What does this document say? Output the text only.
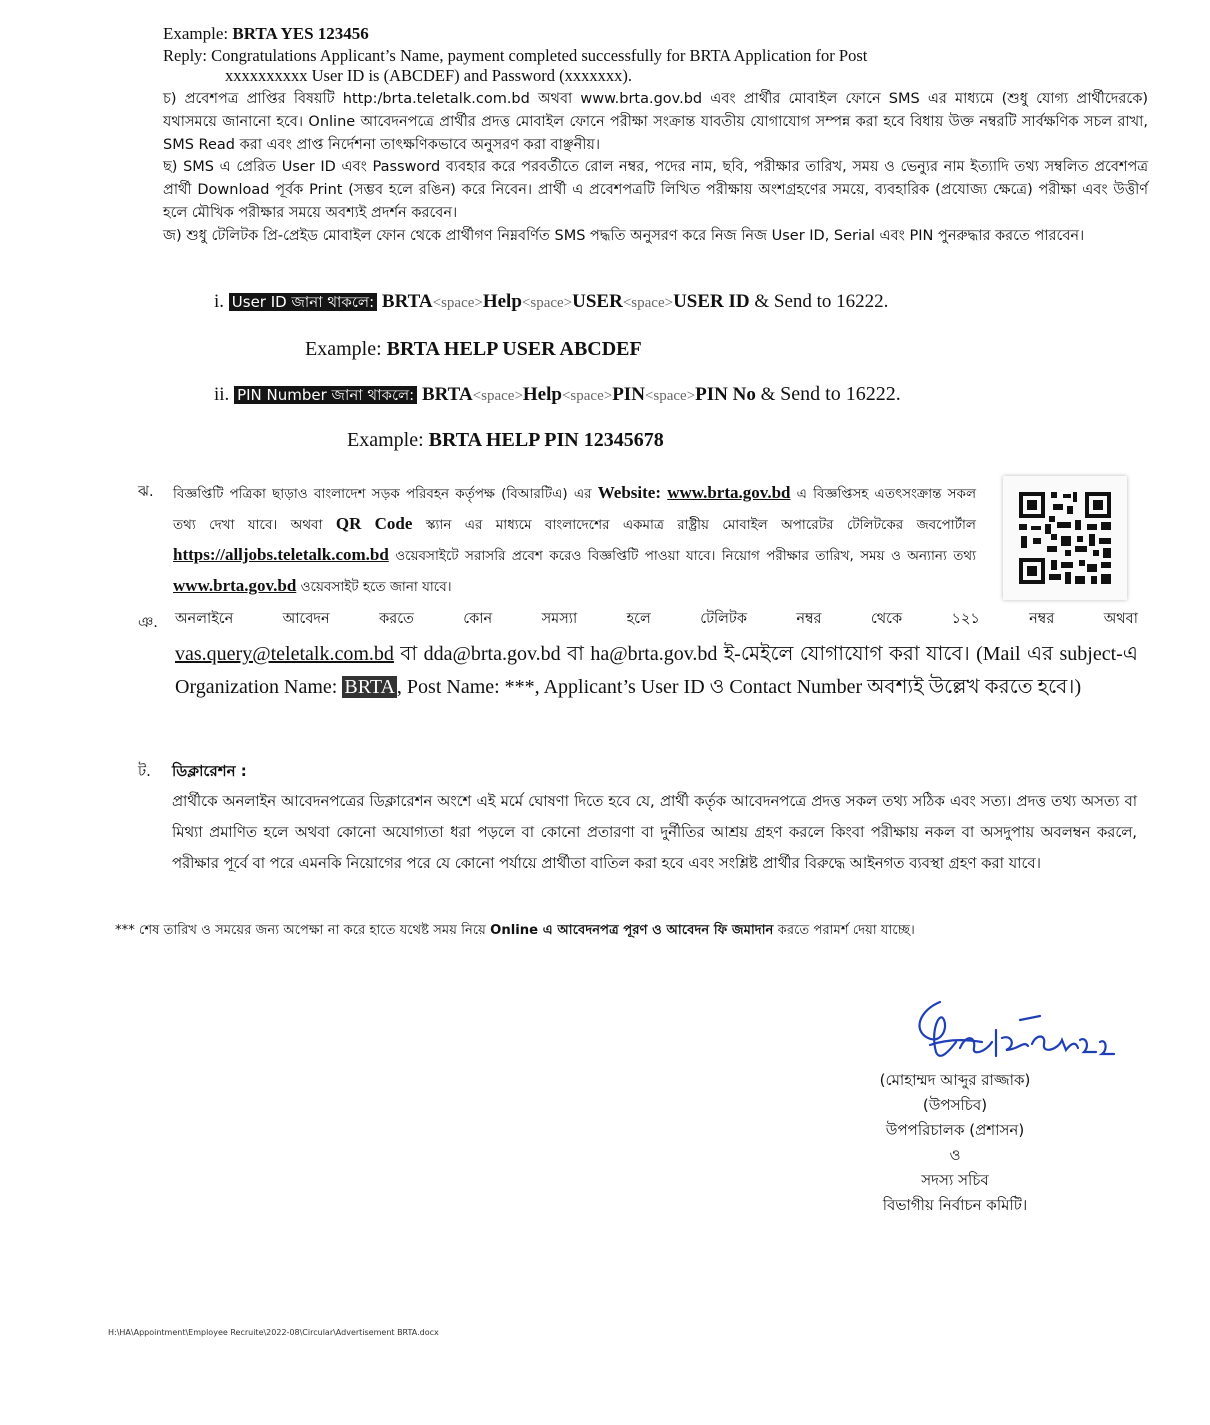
Example: BRTA YES 123456
Reply: Congratulations Applicant’s Name, payment completed successfully for BRTA Application for Post
xxxxxxxxxx User ID is (ABCDEF) and Password (xxxxxxx).
চ) প্রবেশপত্র প্রাপ্তির বিষয়টি http:/brta.teletalk.com.bd অথবা www.brta.gov.bd এবং প্রার্থীর মোবাইল ফোনে SMS এর মাধ্যমে (শুধু যোগ্য প্রার্থীদেরকে) যথাসময়ে জানানো হবে। Online আবেদনপত্রে প্রার্থীর প্রদত্ত মোবাইল ফোনে পরীক্ষা সংক্রান্ত যাবতীয় যোগাযোগ সম্পন্ন করা হবে বিধায় উক্ত নম্বরটি সার্বক্ষণিক সচল রাখা, SMS Read করা এবং প্রাপ্ত নির্দেশনা তাৎক্ষণিকভাবে অনুসরণ করা বাঞ্ছনীয়।
ছ) SMS এ প্রেরিত User ID এবং Password ব্যবহার করে পরবর্তীতে রোল নম্বর, পদের নাম, ছবি, পরীক্ষার তারিখ, সময় ও ভেন্যুর নাম ইত্যাদি তথ্য সম্বলিত প্রবেশপত্র প্রার্থী Download পূর্বক Print (সম্ভব হলে রঙিন) করে নিবেন। প্রার্থী এ প্রবেশপত্রটি লিখিত পরীক্ষায় অংশগ্রহণের সময়ে, ব্যবহারিক (প্রযোজ্য ক্ষেত্রে) পরীক্ষা এবং উত্তীর্ণ হলে মৌখিক পরীক্ষার সময়ে অবশ্যই প্রদর্শন করবেন।
জ) শুধু টেলিটক প্রি-প্রেইড মোবাইল ফোন থেকে প্রার্থীগণ নিম্নবর্ণিত SMS পদ্ধতি অনুসরণ করে নিজ নিজ User ID, Serial এবং PIN পুনরুদ্ধার করতে পারবেন।
i. User ID জানা থাকলে: BRTA<space>Help<space>USER<space>USER ID & Send to 16222.
Example: BRTA HELP USER ABCDEF
ii. PIN Number জানা থাকলে: BRTA<space>Help<space>PIN<space>PIN No & Send to 16222.
Example: BRTA HELP PIN 12345678
ঝ.	বিজ্ঞপ্তিটি পত্রিকা ছাড়াও বাংলাদেশ সড়ক পরিবহন কর্তৃপক্ষ (বিআরটিএ) এর Website: www.brta.gov.bd এ বিজ্ঞপ্তিসহ এতৎসংক্রান্ত সকল তথ্য দেখা যাবে। অথবা QR Code স্ক্যান এর মাধ্যমে বাংলাদেশের একমাত্র রাষ্ট্রীয় মোবাইল অপারেটর টেলিটকের জবপোর্টাল https://alljobs.teletalk.com.bd ওয়েবসাইটে সরাসরি প্রবেশ করেও বিজ্ঞপ্তিটি পাওয়া যাবে। নিয়োগ পরীক্ষার তারিখ, সময় ও অন্যান্য তথ্য www.brta.gov.bd ওয়েবসাইট হতে জানা যাবে।
ঞ. অনলাইনে	আবেদন	করতে	কোন	সমস্যা	হলে	টেলিটক	নম্বর	থেকে	১২১	নম্বর	অথবা
vas.query@teletalk.com.bd বা dda@brta.gov.bd বা ha@brta.gov.bd ই-মেইলে যোগাযোগ করা যাবে। (Mail এর subject-এ Organization Name: BRTA , Post Name: ***, Applicant’s User ID ও Contact Number অবশ্যই উল্লেখ করতে হবে।)
ট. ডিক্লারেশন :
প্রার্থীকে অনলাইন আবেদনপত্রের ডিক্লারেশন অংশে এই মর্মে ঘোষণা দিতে হবে যে, প্রার্থী কর্তৃক আবেদনপত্রে প্রদত্ত সকল তথ্য সঠিক এবং সত্য। প্রদত্ত তথ্য অসত্য বা মিথ্যা প্রমাণিত হলে অথবা কোনো অযোগ্যতা ধরা পড়লে বা কোনো প্রতারণা বা দুর্নীতির আশ্রয় গ্রহণ করলে কিংবা পরীক্ষায় নকল বা অসদুপায় অবলম্বন করলে, পরীক্ষার পূর্বে বা পরে এমনকি নিয়োগের পরে যে কোনো পর্যায়ে প্রার্থীতা বাতিল করা হবে এবং সংশ্লিষ্ট প্রার্থীর বিরুদ্ধে আইনগত ব্যবস্থা গ্রহণ করা যাবে।
*** শেষ তারিখ ও সময়ের জন্য অপেক্ষা না করে হাতে যথেষ্ট সময় নিয়ে Online এ আবেদনপত্র পূরণ ও আবেদন ফি জমাদান করতে পরামর্শ দেয়া যাচ্ছে।
(মোহাম্মদ আব্দুর রাজ্জাক)
(উপসচিব)
উপপরিচালক (প্রশাসন)
ও
সদস্য সচিব
বিভাগীয় নির্বাচন কমিটি।
H:\HA\Appointment\Employee Recruite\2022-08\Circular\Advertisement BRTA.docx
